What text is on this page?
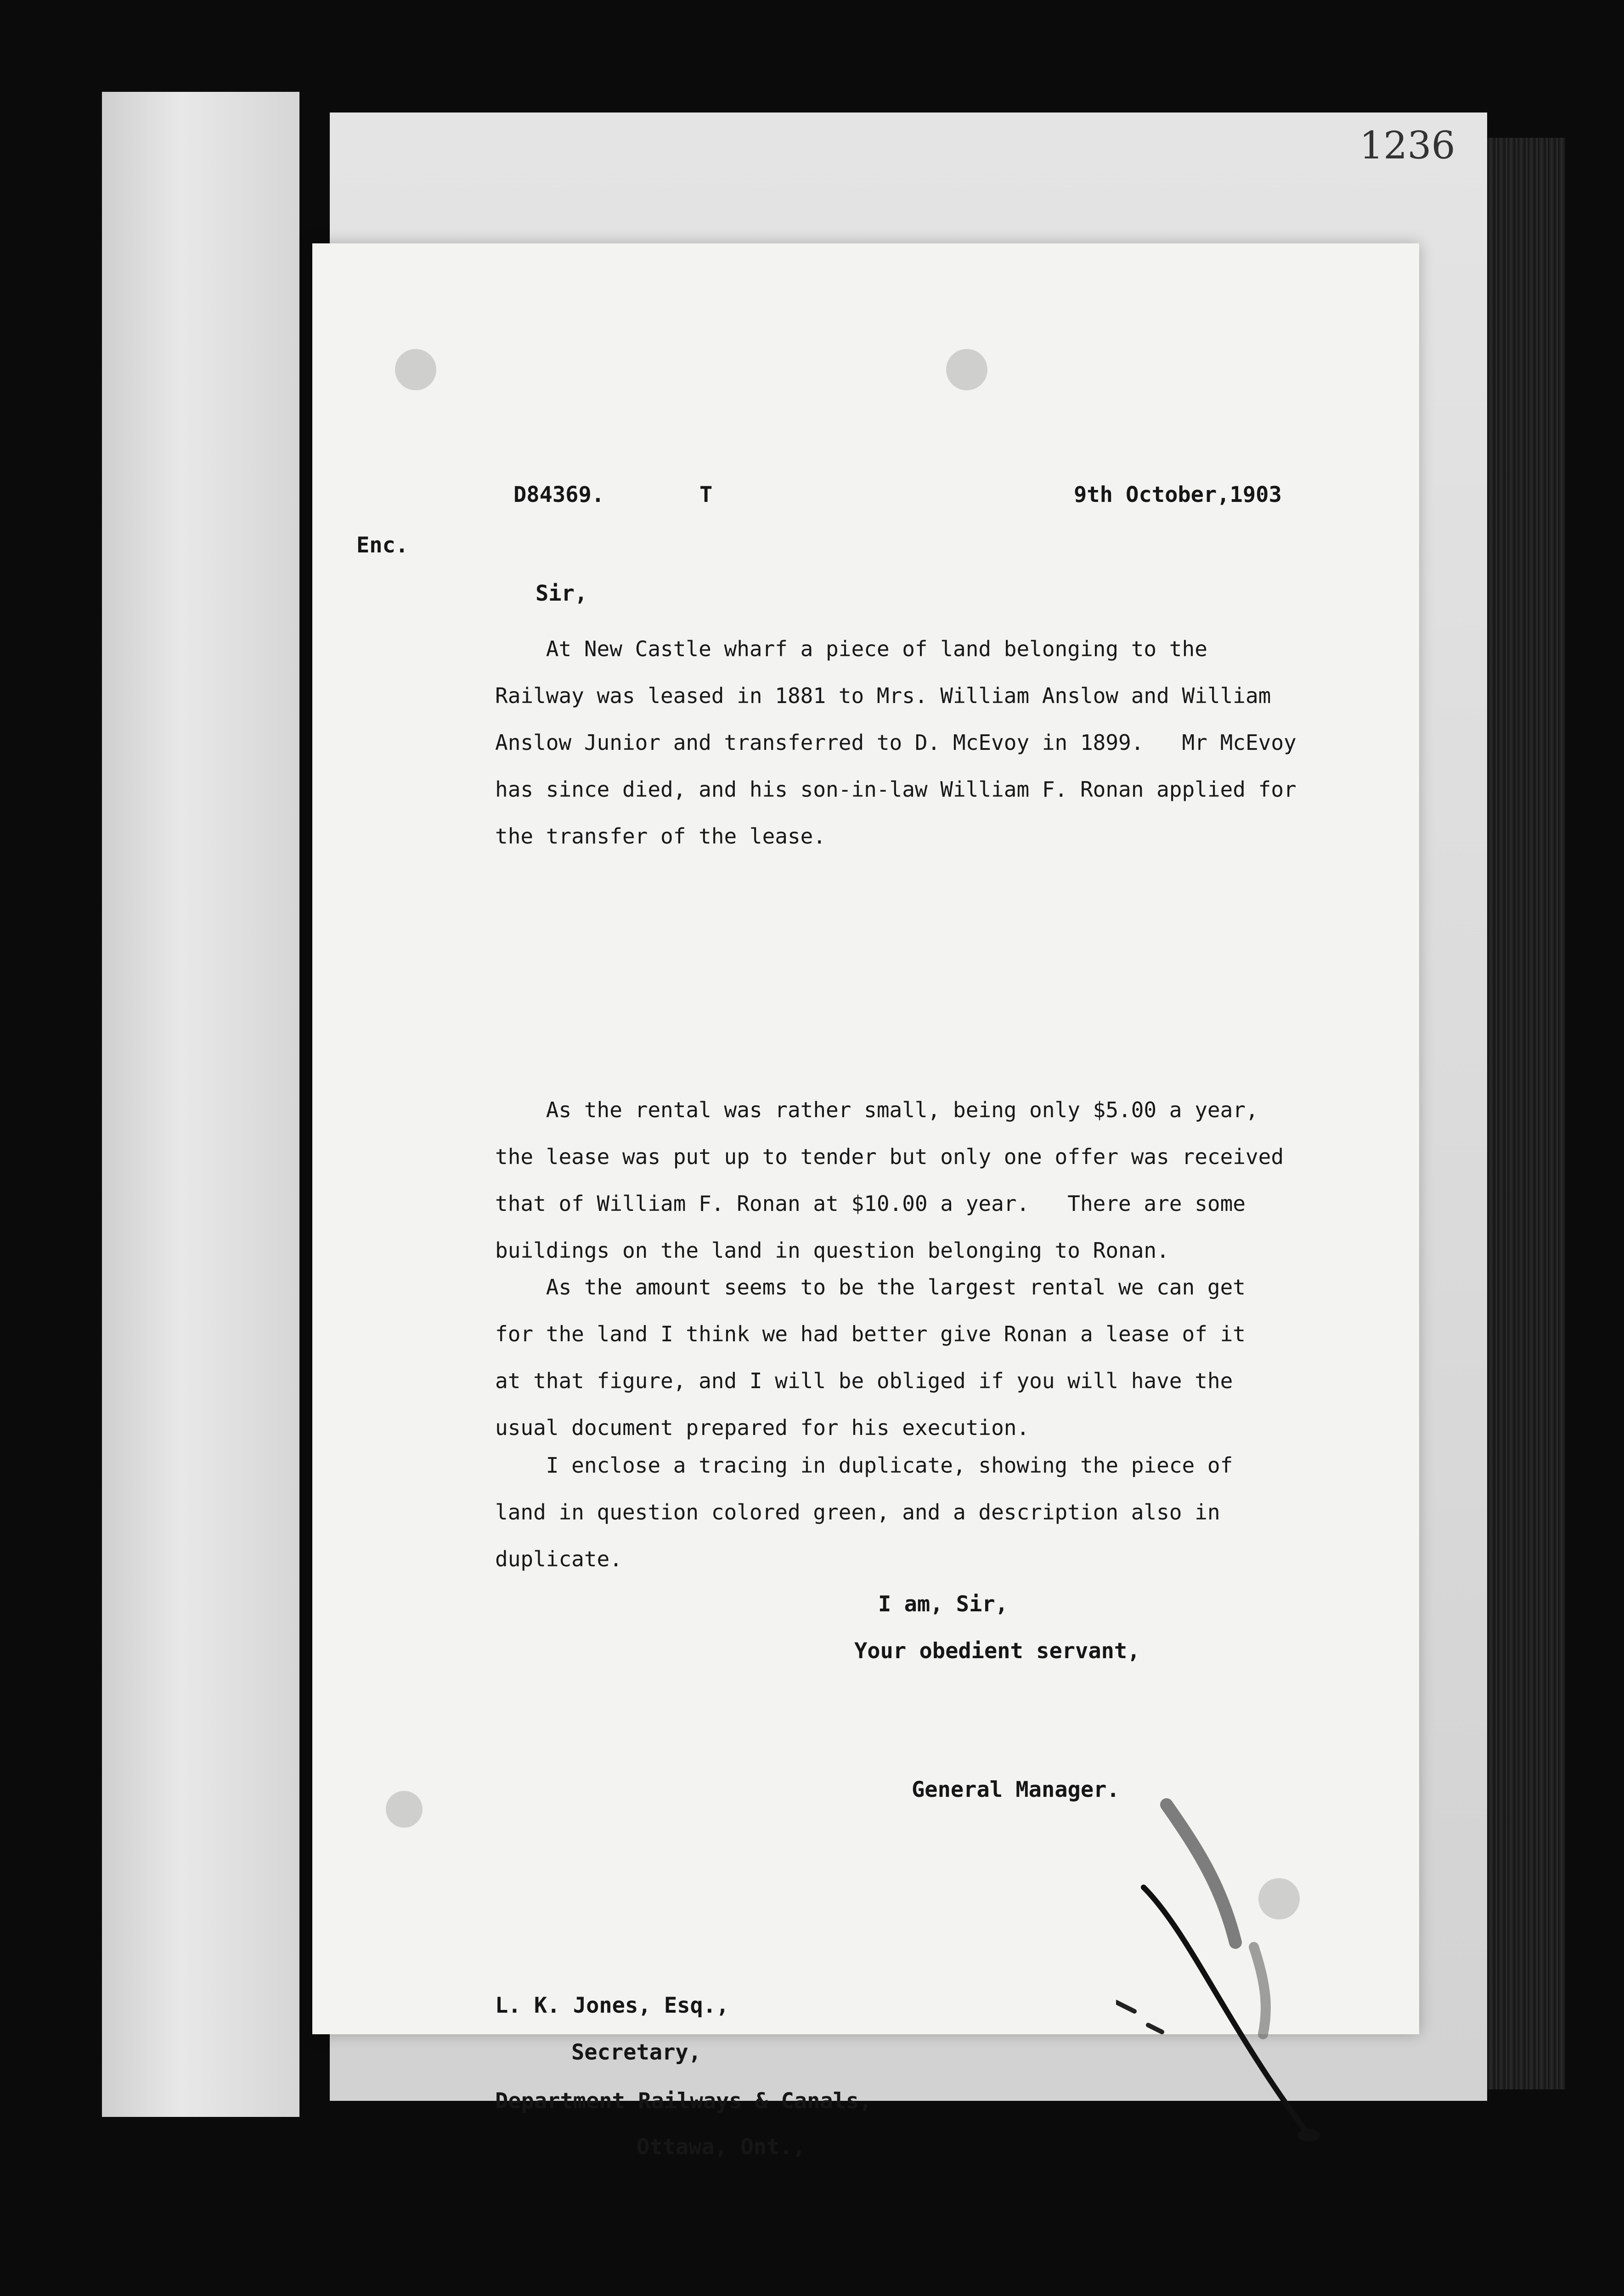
1236
D84369.	T	9th October,1903
Enc.
Sir,
At New Castle wharf a piece of land belonging to the
Railway was leased in 1881 to Mrs. William Anslow and William
Anslow Junior and transferred to D. McEvoy in 1899.   Mr McEvoy
has since died, and his son-in-law William F. Ronan applied for
the transfer of the lease.
As the rental was rather small, being only $5.00 a year,
the lease was put up to tender but only one offer was received
that of William F. Ronan at $10.00 a year.   There are some
buildings on the land in question belonging to Ronan.
As the amount seems to be the largest rental we can get
for the land I think we had better give Ronan a lease of it
at that figure, and I will be obliged if you will have the
usual document prepared for his execution.
I enclose a tracing in duplicate, showing the piece of
land in question colored green, and a description also in
duplicate.
I am, Sir,
Your obedient servant,
General Manager.
L. K. Jones, Esq.,
Secretary,
Department Railways & Canals,
Ottawa, Ont.,
